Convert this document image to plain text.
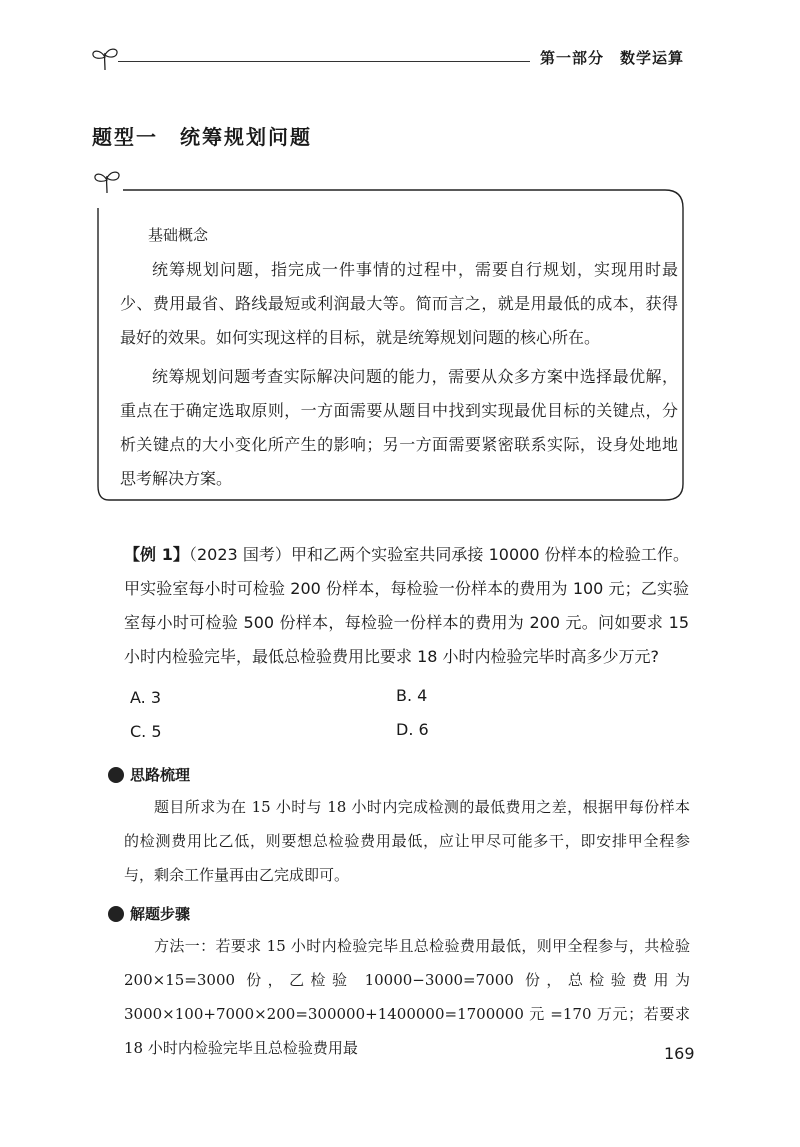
第一部分　数学运算
题型一　统筹规划问题
基础概念
统筹规划问题，指完成一件事情的过程中，需要自行规划，实现用时最少、费用最省、路线最短或利润最大等。简而言之，就是用最低的成本，获得最好的效果。如何实现这样的目标，就是统筹规划问题的核心所在。
统筹规划问题考查实际解决问题的能力，需要从众多方案中选择最优解，重点在于确定选取原则，一方面需要从题目中找到实现最优目标的关键点，分析关键点的大小变化所产生的影响；另一方面需要紧密联系实际，设身处地地思考解决方案。
【例 1】（2023 国考）甲和乙两个实验室共同承接 10000 份样本的检验工作。甲实验室每小时可检验 200 份样本，每检验一份样本的费用为 100 元；乙实验室每小时可检验 500 份样本，每检验一份样本的费用为 200 元。问如要求 15 小时内检验完毕，最低总检验费用比要求 18 小时内检验完毕时高多少万元?
A. 3	B. 4
C. 5	D. 6
思路梳理
题目所求为在 15 小时与 18 小时内完成检测的最低费用之差，根据甲每份样本的检测费用比乙低，则要想总检验费用最低，应让甲尽可能多干，即安排甲全程参与，剩余工作量再由乙完成即可。
解题步骤
方法一：若要求 15 小时内检验完毕且总检验费用最低，则甲全程参与，共检验 200×15=3000 份，乙检验 10000−3000=7000 份，总检验费用为 3000×100+7000×200=300000+1400000=1700000 元 =170 万元；若要求 18 小时内检验完毕且总检验费用最	169
